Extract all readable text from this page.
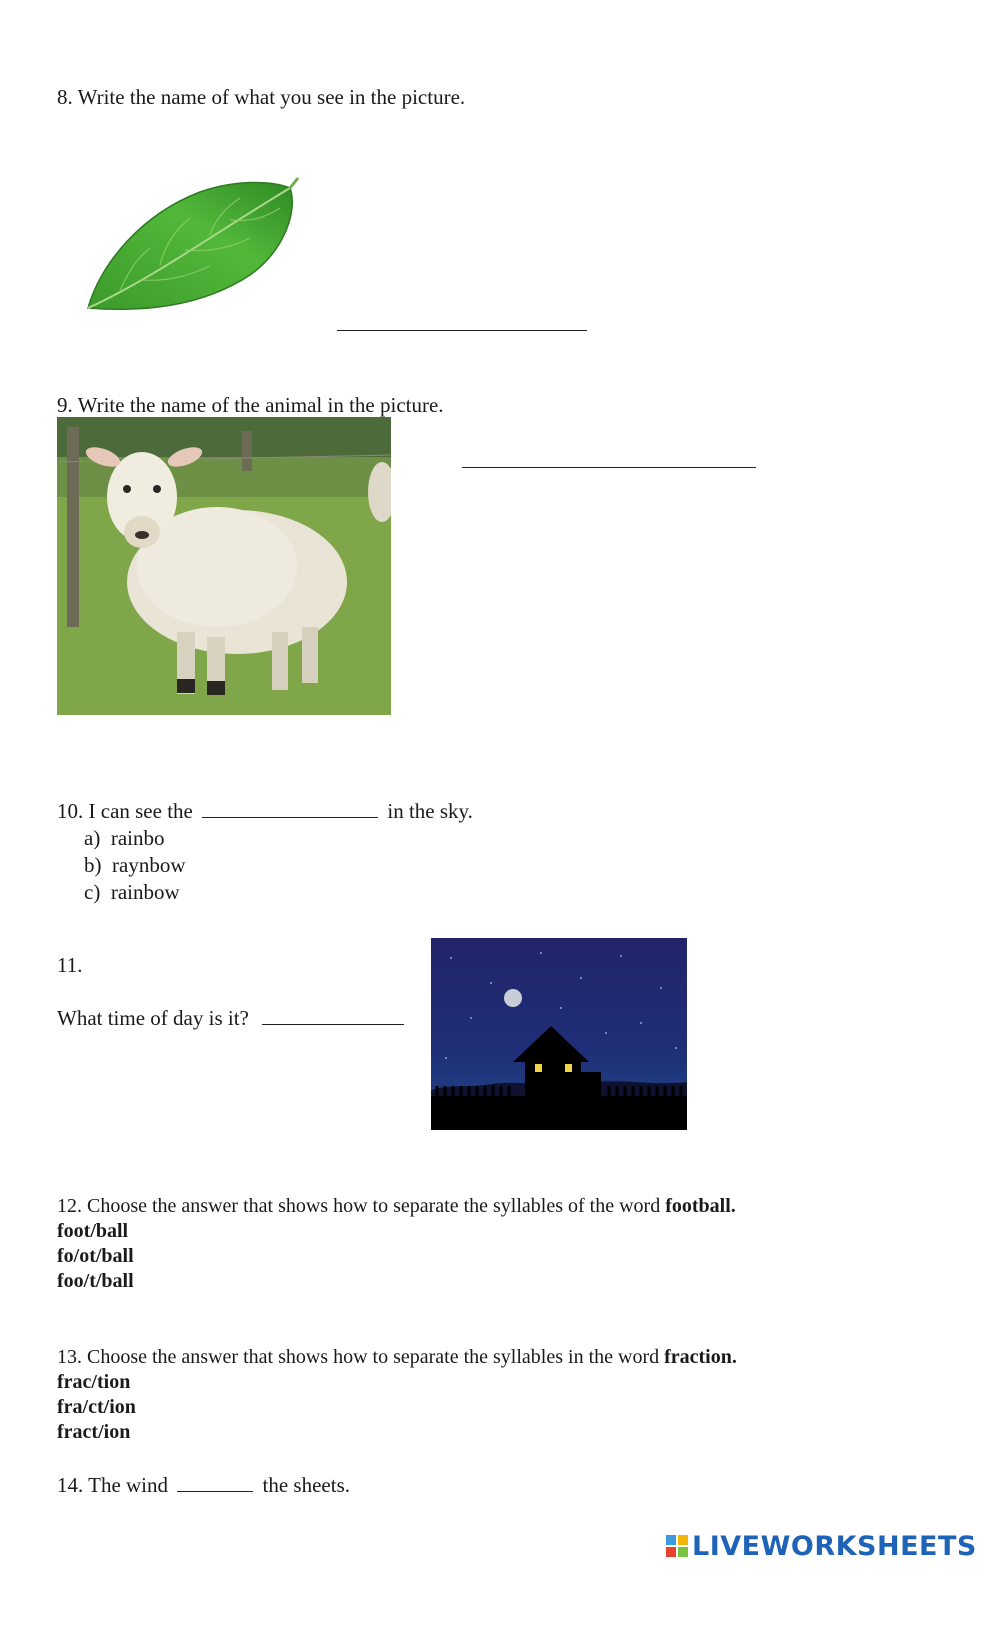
8. Write the name of what you see in the picture.
9. Write the name of the animal in the picture.
10. I can see the	in the sky.
a) rainbo
b) raynbow
c) rainbow
11.
What time of day is it?
12. Choose the answer that shows how to separate the syllables of the word football.
foot/ball
fo/ot/ball
foo/t/ball
13. Choose the answer that shows how to separate the syllables in the word fraction.
frac/tion
fra/ct/ion
fract/ion
14. The wind	the sheets.
LIVEWORKSHEETS
